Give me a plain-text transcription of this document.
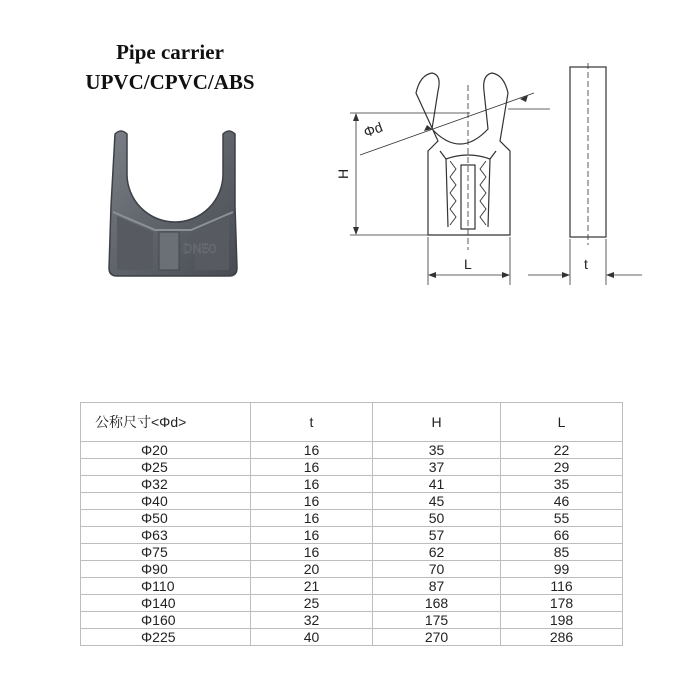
Pipe carrier
UPVC/CPVC/ABS
DN50
H
Φd
L	t
公称尺寸<Φd>	t	H	L
Φ20	16	35	22
Φ25	16	37	29
Φ32	16	41	35
Φ40	16	45	46
Φ50	16	50	55
Φ63	16	57	66
Φ75	16	62	85
Φ90	20	70	99
Φ110	21	87	116
Φ140	25	168	178
Φ160	32	175	198
Φ225	40	270	286
